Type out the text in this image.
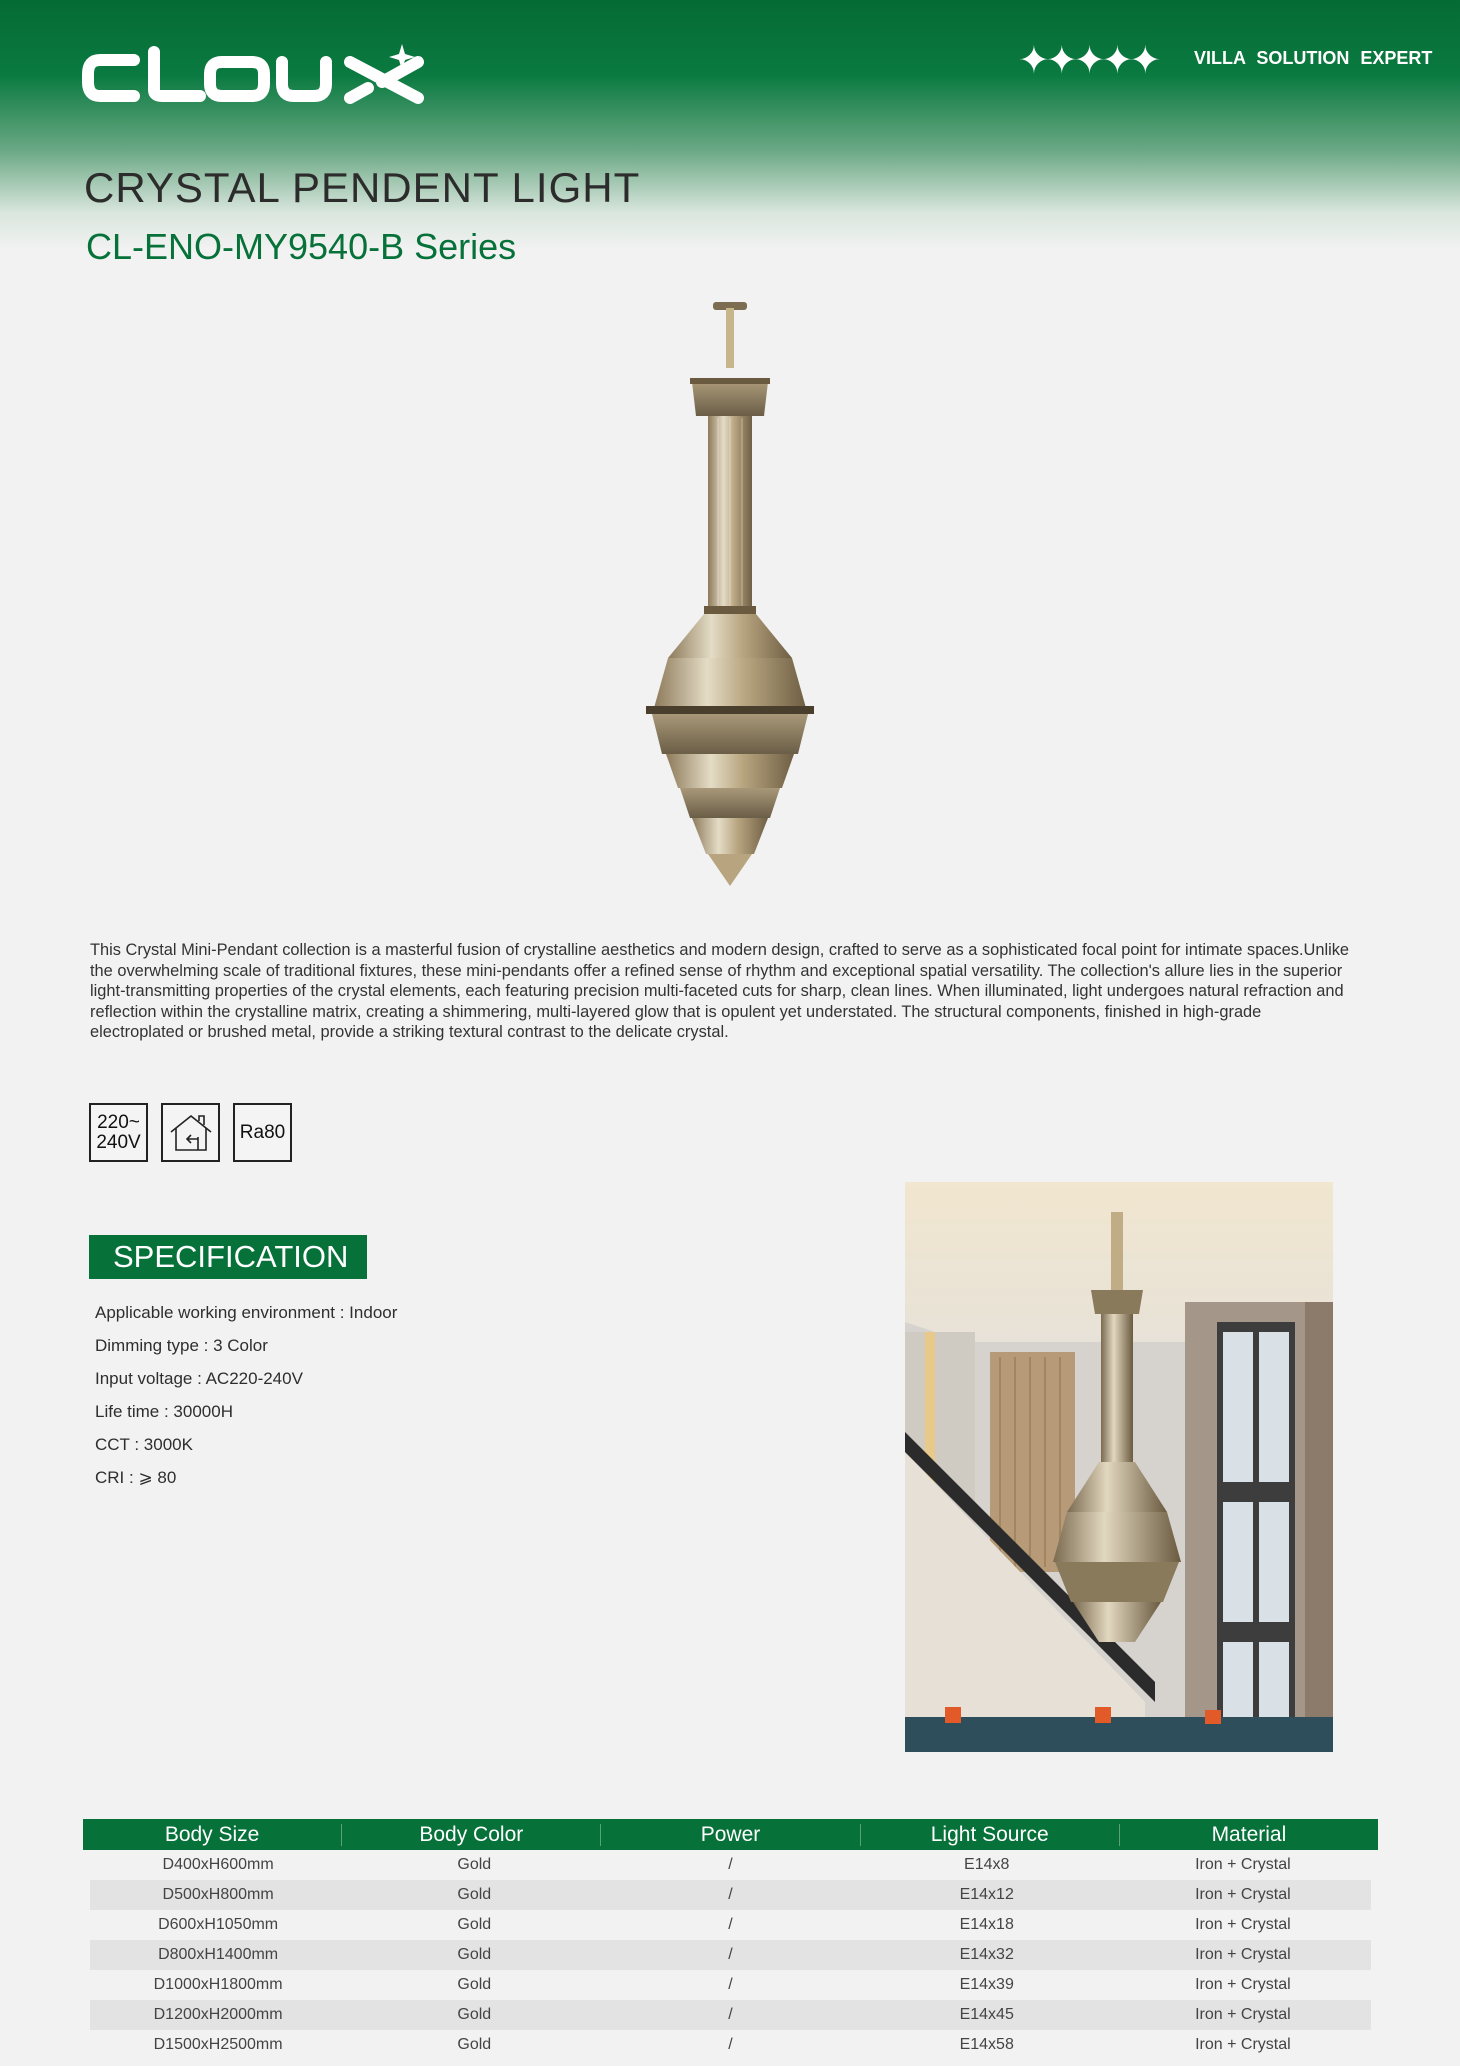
✦✦✦✦✦ VILLA SOLUTION EXPERT
CRYSTAL PENDENT LIGHT
CL-ENO-MY9540-B Series
This Crystal Mini-Pendant collection is a masterful fusion of crystalline aesthetics and modern design, crafted to serve as a sophisticated focal point for intimate spaces.Unlike the overwhelming scale of traditional fixtures, these mini-pendants offer a refined sense of rhythm and exceptional spatial versatility. The collection's allure lies in the superior light-transmitting properties of the crystal elements, each featuring precision multi-faceted cuts for sharp, clean lines. When illuminated, light undergoes natural refraction and reflection within the crystalline matrix, creating a shimmering, multi-layered glow that is opulent yet understated. The structural components, finished in high-grade electroplated or brushed metal, provide a striking textural contrast to the delicate crystal.
220~
240V	Ra80
SPECIFICATION
Applicable working environment : Indoor
Dimming type : 3 Color
Input voltage : AC220-240V
Life time : 30000H
CCT : 3000K
CRI : ⩾ 80
Body Size	Body Color	Power	Light Source	Material
D400xH600mm	Gold	/	E14x8	Iron + Crystal
D500xH800mm	Gold	/	E14x12	Iron + Crystal
D600xH1050mm	Gold	/	E14x18	Iron + Crystal
D800xH1400mm	Gold	/	E14x32	Iron + Crystal
D1000xH1800mm	Gold	/	E14x39	Iron + Crystal
D1200xH2000mm	Gold	/	E14x45	Iron + Crystal
D1500xH2500mm	Gold	/	E14x58	Iron + Crystal
